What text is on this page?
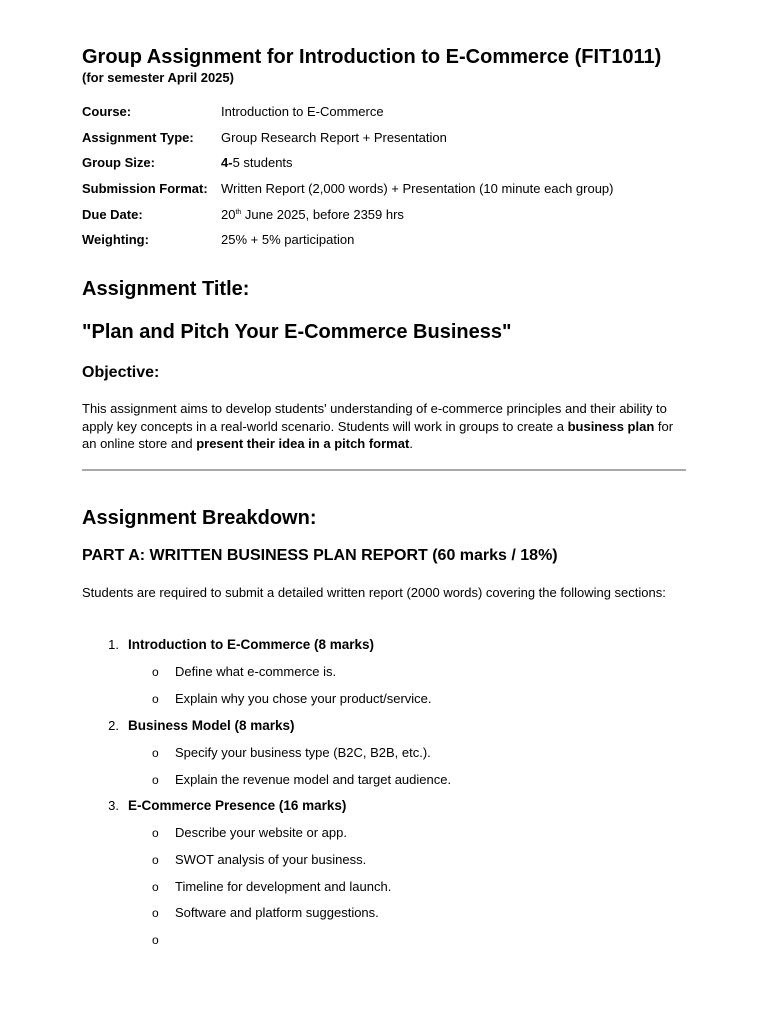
Group Assignment for Introduction to E-Commerce (FIT1011)

(for semester April 2025)

Course:	Introduction to E-Commerce
Assignment Type:	Group Research Report + Presentation
Group Size:	4-5 students
Submission Format:	Written Report (2,000 words) + Presentation (10 minute each group)
Due Date:	20th June 2025, before 2359 hrs
Weighting:	25% + 5% participation
Assignment Title:
"Plan and Pitch Your E-Commerce Business"
Objective:

This assignment aims to develop students' understanding of e-commerce principles and their ability to apply key concepts in a real-world scenario. Students will work in groups to create a business plan for an online store and present their idea in a pitch format.

Assignment Breakdown:
PART A: WRITTEN BUSINESS PLAN REPORT (60 marks / 18%)

Students are required to submit a detailed written report (2000 words) covering the following sections:

1. Introduction to E-Commerce (8 marks)
o Define what e-commerce is.
o Explain why you chose your product/service.
2. Business Model (8 marks)
o Specify your business type (B2C, B2B, etc.).
o Explain the revenue model and target audience.
3. E-Commerce Presence (16 marks)
o Describe your website or app.
o SWOT analysis of your business.
o Timeline for development and launch.
o Software and platform suggestions.
o
